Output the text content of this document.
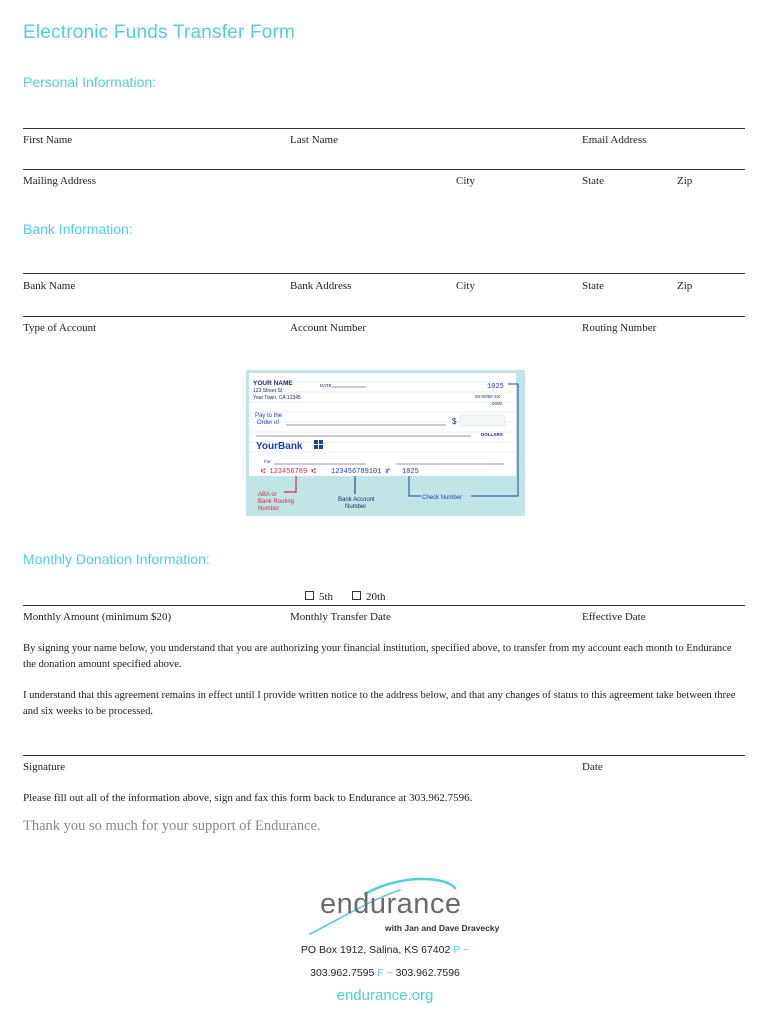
Electronic Funds Transfer Form
Personal Information:
First Name	Last Name	Email Address
Mailing Address	City	State	Zip
Bank Information:
Bank Name	Bank Address	City	State	Zip
Type of Account	Account Number	Routing Number
YOUR NAME
123 Street St
Your Town, CA 12345
DATE	1025
00-0/000 XX
0000
Pay to the
Order of	$
DOLLARS
YourBank
For
⑆ 123456789 ⑆ 123456789101 ⑈ 1025
ABA or
Bank Routing
Number
Bank Account
Number
Check Number
Monthly Donation Information:
5th	20th
Monthly Amount (minimum $20)	Monthly Transfer Date	Effective Date
By signing your name below, you understand that you are authorizing your financial institution, specified above, to transfer from my account each month to Endurance the donation amount specified above.
I understand that this agreement remains in effect until I provide written notice to the address below, and that any changes of status to this agreement take between three and six weeks to be processed.
Signature	Date
Please fill out all of the information above, sign and fax this form back to Endurance at 303.962.7596.
Thank you so much for your support of Endurance.
endurance
with Jan and Dave Dravecky
PO Box 1912, Salina, KS 67402 P ~
303.962.7595 F ~ 303.962.7596
endurance.org
